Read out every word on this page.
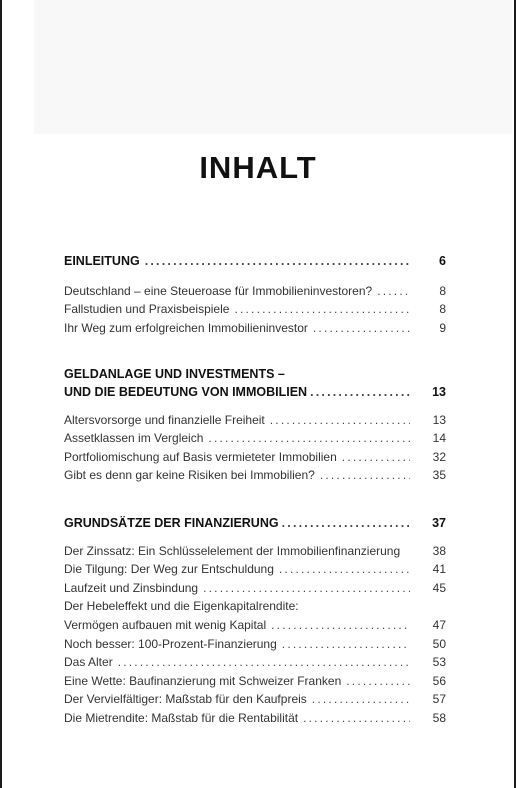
INHALT
EINLEITUNG .....	6
Deutschland – eine Steueroase für Immobilieninvestoren? .....	8
Fallstudien und Praxisbeispiele .....	8
Ihr Weg zum erfolgreichen Immobilieninvestor .....	9
GELDANLAGE UND INVESTMENTS –
UND DIE BEDEUTUNG VON IMMOBILIEN .....	13
Altersvorsorge und finanzielle Freiheit .....	13
Assetklassen im Vergleich .....	14
Portfoliomischung auf Basis vermieteter Immobilien .....	32
Gibt es denn gar keine Risiken bei Immobilien? .....	35
GRUNDSÄTZE DER FINANZIERUNG .....	37
Der Zinssatz: Ein Schlüsselelement der Immobilienfinanzierung	38
Die Tilgung: Der Weg zur Entschuldung .....	41
Laufzeit und Zinsbindung .....	45
Der Hebeleffekt und die Eigenkapitalrendite:
Vermögen aufbauen mit wenig Kapital .....	47
Noch besser: 100-Prozent-Finanzierung .....	50
Das Alter .....	53
Eine Wette: Baufinanzierung mit Schweizer Franken .....	56
Der Vervielfältiger: Maßstab für den Kaufpreis .....	57
Die Mietrendite: Maßstab für die Rentabilität .....	58
